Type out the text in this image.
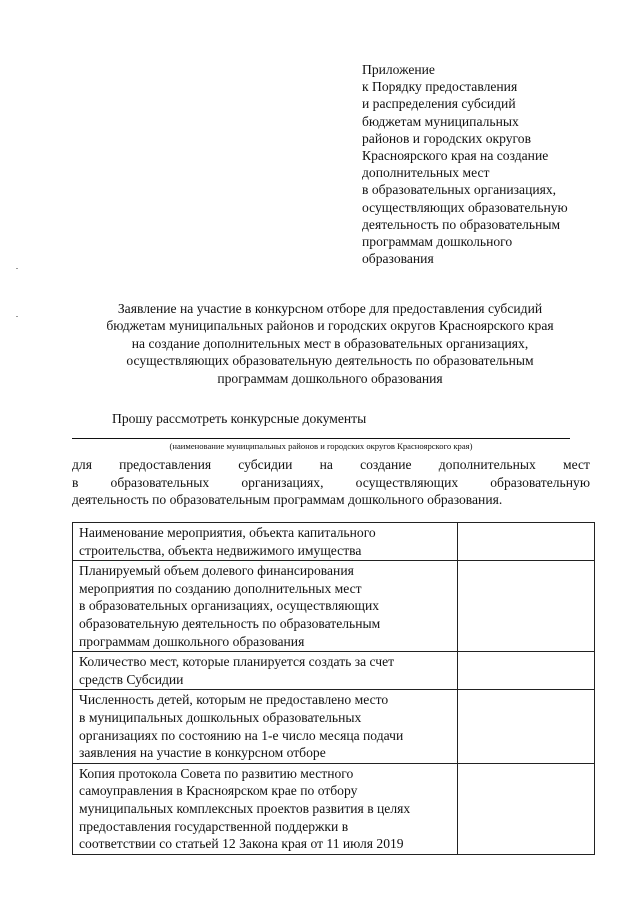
Приложение
к Порядку предоставления
и распределения субсидий
бюджетам муниципальных
районов и городских округов
Красноярского края на создание
дополнительных мест
в образовательных организациях,
осуществляющих образовательную
деятельность по образовательным
программам дошкольного
образования
Заявление на участие в конкурсном отборе для предоставления субсидий
бюджетам муниципальных районов и городских округов Красноярского края
на создание дополнительных мест в образовательных организациях,
осуществляющих образовательную деятельность по образовательным
программам дошкольного образования
Прошу рассмотреть конкурсные документы
(наименование муниципальных районов и городских округов Красноярского края)
для предоставления субсидии на создание дополнительных мест
в образовательных организациях, осуществляющих образовательную
деятельность по образовательным программам дошкольного образования.
Наименование мероприятия, объекта капитального
строительства, объекта недвижимого имущества	

Планируемый объем долевого финансирования
мероприятия по созданию дополнительных мест
в образовательных организациях, осуществляющих
образовательную деятельность по образовательным
программам дошкольного образования	

Количество мест, которые планируется создать за счет
средств Субсидии	

Численность детей, которым не предоставлено место
в муниципальных дошкольных образовательных
организациях по состоянию на 1-е число месяца подачи
заявления на участие в конкурсном отборе	

Копия протокола Совета по развитию местного
самоуправления в Красноярском крае по отбору
муниципальных комплексных проектов развития в целях
предоставления государственной поддержки в
соответствии со статьей 12 Закона края от 11 июля 2019	
